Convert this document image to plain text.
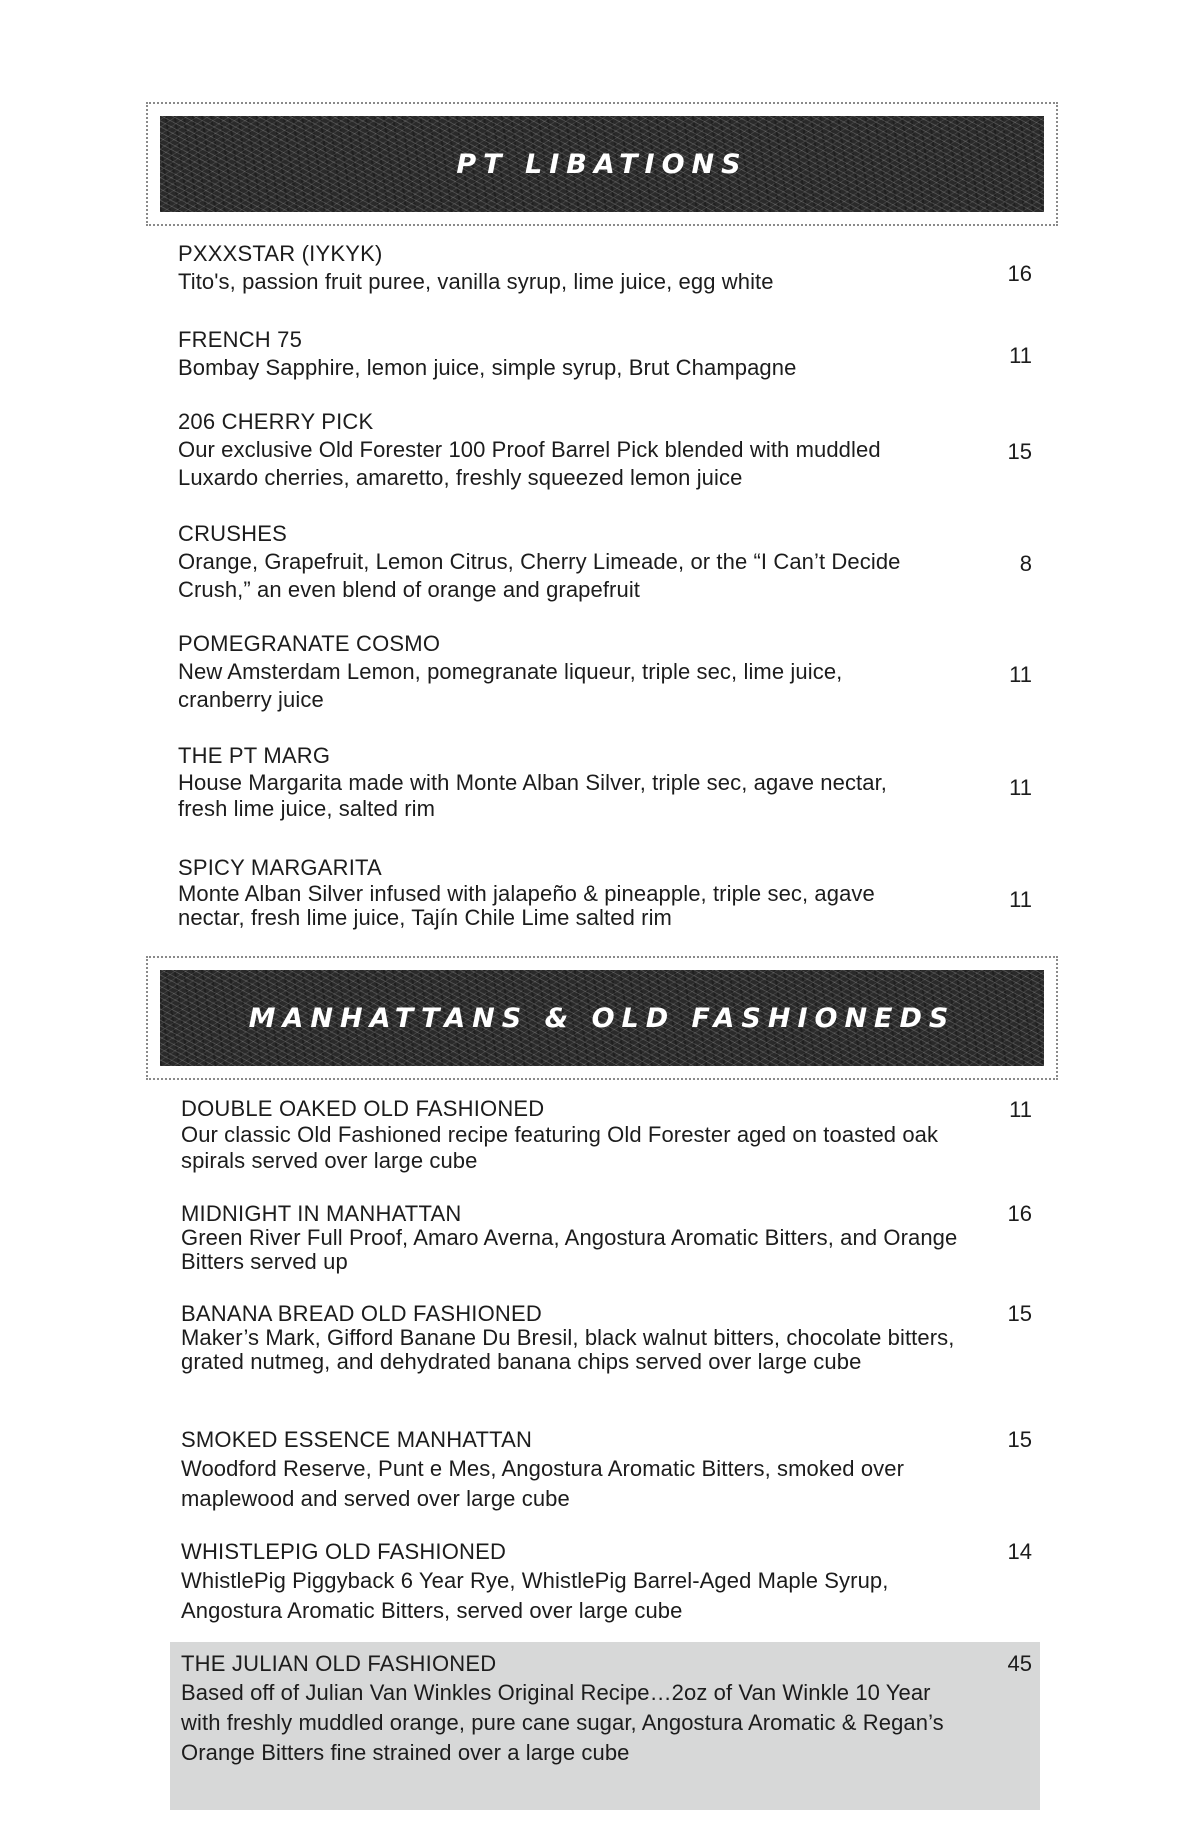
PT LIBATIONS
PXXXSTAR (IYKYK)
Tito's, passion fruit puree, vanilla syrup, lime juice, egg white	16
FRENCH 75
Bombay Sapphire, lemon juice, simple syrup, Brut Champagne	11
206 CHERRY PICK
Our exclusive Old Forester 100 Proof Barrel Pick blended with muddled Luxardo cherries, amaretto, freshly squeezed lemon juice
15
CRUSHES
Orange, Grapefruit, Lemon Citrus, Cherry Limeade, or the “I Can’t Decide Crush,” an even blend of orange and grapefruit
8
POMEGRANATE COSMO
New Amsterdam Lemon, pomegranate liqueur, triple sec, lime juice, cranberry juice
11
THE PT MARG
House Margarita made with Monte Alban Silver, triple sec, agave nectar, fresh lime juice, salted rim
11
SPICY MARGARITA
Monte Alban Silver infused with jalapeño & pineapple, triple sec, agave nectar, fresh lime juice, Tajín Chile Lime salted rim
11
MANHATTANS & OLD FASHIONEDS
DOUBLE OAKED OLD FASHIONED
Our classic Old Fashioned recipe featuring Old Forester aged on toasted oak spirals served over large cube
11
MIDNIGHT IN MANHATTAN
Green River Full Proof, Amaro Averna, Angostura Aromatic Bitters, and Orange Bitters served up
16
BANANA BREAD OLD FASHIONED
Maker’s Mark, Gifford Banane Du Bresil, black walnut bitters, chocolate bitters, grated nutmeg, and dehydrated banana chips served over large cube
15
SMOKED ESSENCE MANHATTAN
Woodford Reserve, Punt e Mes, Angostura Aromatic Bitters, smoked over maplewood and served over large cube
15
WHISTLEPIG OLD FASHIONED
WhistlePig Piggyback 6 Year Rye, WhistlePig Barrel-Aged Maple Syrup, Angostura Aromatic Bitters, served over large cube
14
THE JULIAN OLD FASHIONED
Based off of Julian Van Winkles Original Recipe…2oz of Van Winkle 10 Year with freshly muddled orange, pure cane sugar, Angostura Aromatic & Regan’s Orange Bitters fine strained over a large cube
45
